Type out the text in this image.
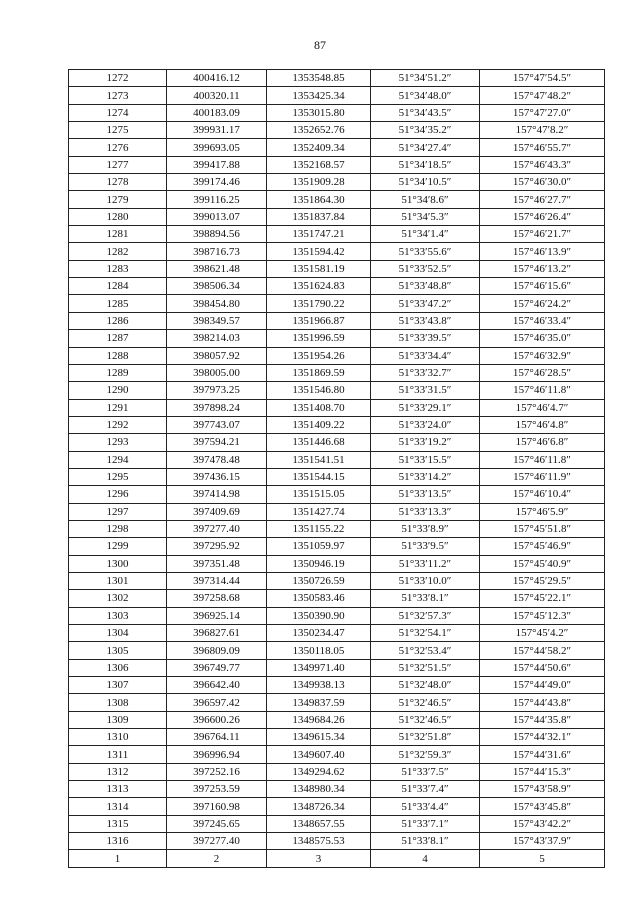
87
1272	400416.12	1353548.85	51°34′51.2″	157°47′54.5″
1273	400320.11	1353425.34	51°34′48.0″	157°47′48.2″
1274	400183.09	1353015.80	51°34′43.5″	157°47′27.0″
1275	399931.17	1352652.76	51°34′35.2″	157°47′8.2″
1276	399693.05	1352409.34	51°34′27.4″	157°46′55.7″
1277	399417.88	1352168.57	51°34′18.5″	157°46′43.3″
1278	399174.46	1351909.28	51°34′10.5″	157°46′30.0″
1279	399116.25	1351864.30	51°34′8.6″	157°46′27.7″
1280	399013.07	1351837.84	51°34′5.3″	157°46′26.4″
1281	398894.56	1351747.21	51°34′1.4″	157°46′21.7″
1282	398716.73	1351594.42	51°33′55.6″	157°46′13.9″
1283	398621.48	1351581.19	51°33′52.5″	157°46′13.2″
1284	398506.34	1351624.83	51°33′48.8″	157°46′15.6″
1285	398454.80	1351790.22	51°33′47.2″	157°46′24.2″
1286	398349.57	1351966.87	51°33′43.8″	157°46′33.4″
1287	398214.03	1351996.59	51°33′39.5″	157°46′35.0″
1288	398057.92	1351954.26	51°33′34.4″	157°46′32.9″
1289	398005.00	1351869.59	51°33′32.7″	157°46′28.5″
1290	397973.25	1351546.80	51°33′31.5″	157°46′11.8″
1291	397898.24	1351408.70	51°33′29.1″	157°46′4.7″
1292	397743.07	1351409.22	51°33′24.0″	157°46′4.8″
1293	397594.21	1351446.68	51°33′19.2″	157°46′6.8″
1294	397478.48	1351541.51	51°33′15.5″	157°46′11.8″
1295	397436.15	1351544.15	51°33′14.2″	157°46′11.9″
1296	397414.98	1351515.05	51°33′13.5″	157°46′10.4″
1297	397409.69	1351427.74	51°33′13.3″	157°46′5.9″
1298	397277.40	1351155.22	51°33′8.9″	157°45′51.8″
1299	397295.92	1351059.97	51°33′9.5″	157°45′46.9″
1300	397351.48	1350946.19	51°33′11.2″	157°45′40.9″
1301	397314.44	1350726.59	51°33′10.0″	157°45′29.5″
1302	397258.68	1350583.46	51°33′8.1″	157°45′22.1″
1303	396925.14	1350390.90	51°32′57.3″	157°45′12.3″
1304	396827.61	1350234.47	51°32′54.1″	157°45′4.2″
1305	396809.09	1350118.05	51°32′53.4″	157°44′58.2″
1306	396749.77	1349971.40	51°32′51.5″	157°44′50.6″
1307	396642.40	1349938.13	51°32′48.0″	157°44′49.0″
1308	396597.42	1349837.59	51°32′46.5″	157°44′43.8″
1309	396600.26	1349684.26	51°32′46.5″	157°44′35.8″
1310	396764.11	1349615.34	51°32′51.8″	157°44′32.1″
1311	396996.94	1349607.40	51°32′59.3″	157°44′31.6″
1312	397252.16	1349294.62	51°33′7.5″	157°44′15.3″
1313	397253.59	1348980.34	51°33′7.4″	157°43′58.9″
1314	397160.98	1348726.34	51°33′4.4″	157°43′45.8″
1315	397245.65	1348657.55	51°33′7.1″	157°43′42.2″
1316	397277.40	1348575.53	51°33′8.1″	157°43′37.9″
1	2	3	4	5
